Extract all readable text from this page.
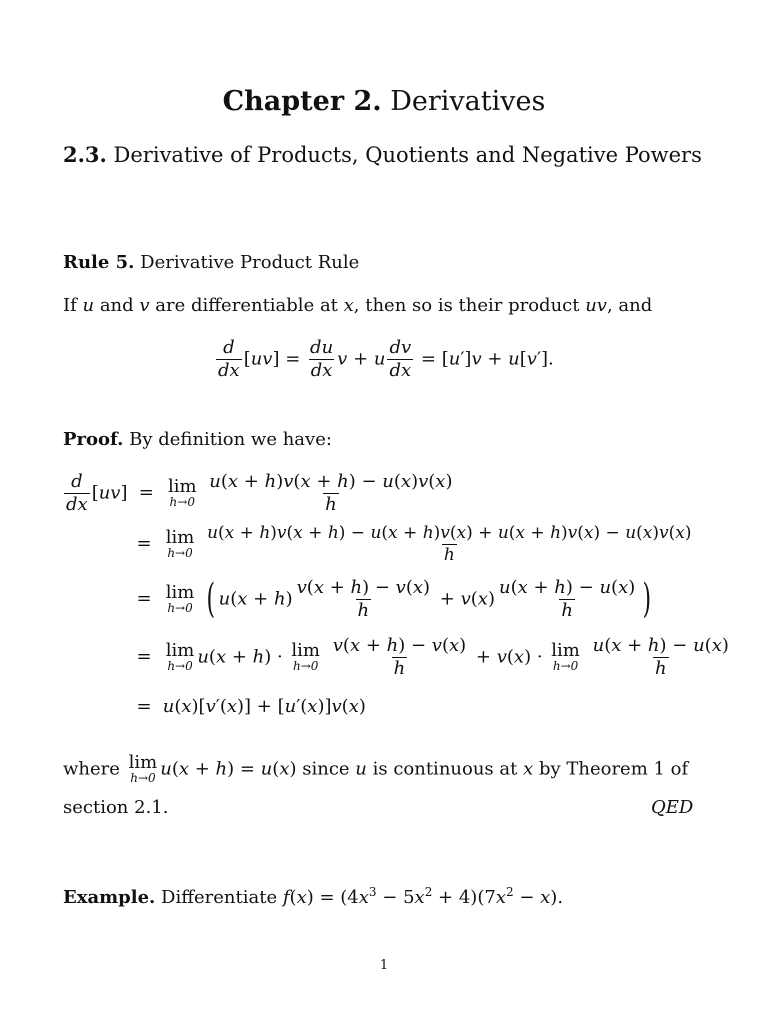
Chapter 2. Derivatives
2.3. Derivative of Products, Quotients and Negative Powers
Rule 5. Derivative Product Rule
If u and v are differentiable at x, then so is their product uv, and
$\frac{d}{dx} [uv] = \frac{du}{dx}$ v + u $\frac{dv}{dx} = [u']v + u[v']$.
Proof. By definition we have:
$\frac{d}{dx} [uv] = \lim$
h→0
$\frac{u(x + h)v(x + h) - u(x)v(x)}{h}$
= lim
h→0
$\frac{u(x + h)v(x + h) - u(x + h)v(x) + u(x + h)v(x) - u(x)v(x)}{h}$
= lim
h→0 ( $u(x + h) \frac{v(x + h) - v(x)}{h} + v(x) \frac{u(x + h) - u(x)}{h}$ )
= lim
h→0 u(x + h) · lim
h→0
$\frac{v(x + h) - v(x)}{h} + v(x) \cdot \lim$
h→0
$\frac{u(x + h) - u(x)}{h}$
= u(x)[v′(x)] + [u′(x)]v(x)
where lim
h→0 u(x + h) = u(x) since u is continuous at x by Theorem 1 of
section 2.1.	QED
Example. Differentiate $f(x) = (4x^3 - 5x^2 + 4)(7x^2 - x)$.
1
